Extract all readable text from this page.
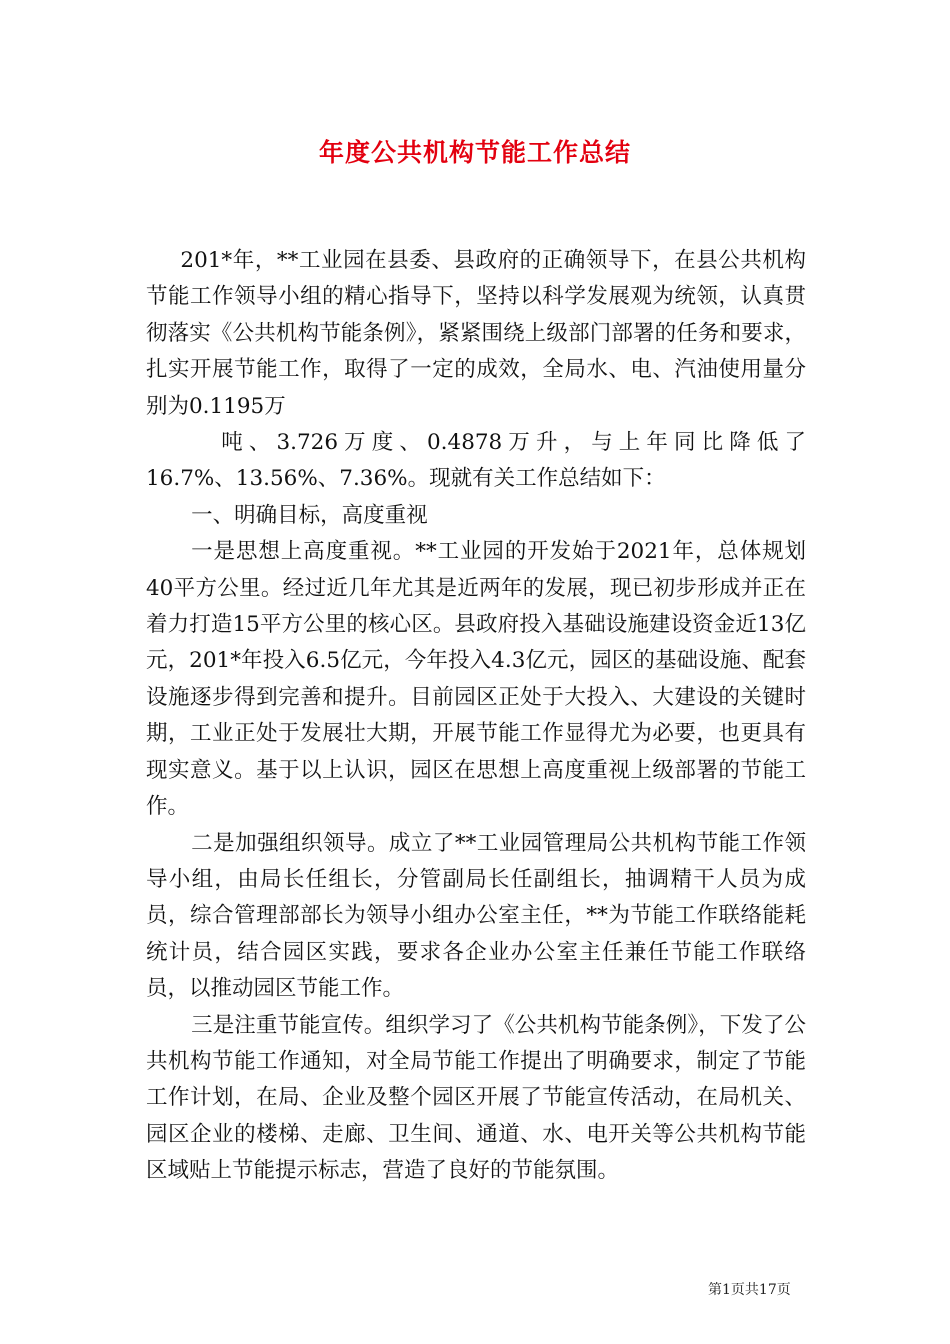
年度公共机构节能工作总结

201*年，**工业园在县委、县政府的正确领导下，在县公共机构节能工作领导小组的精心指导下，坚持以科学发展观为统领，认真贯彻落实《公共机构节能条例》，紧紧围绕上级部门部署的任务和要求，扎实开展节能工作，取得了一定的成效，全局水、电、汽油使用量分别为0.1195万

吨、3.726万度、0.4878万升，与上年同比降低了

16.7%、13.56%、7.36%。现就有关工作总结如下：

一、明确目标，高度重视

一是思想上高度重视。**工业园的开发始于2021年，总体规划40平方公里。经过近几年尤其是近两年的发展，现已初步形成并正在着力打造15平方公里的核心区。县政府投入基础设施建设资金近13亿元，201*年投入6.5亿元，今年投入4.3亿元，园区的基础设施、配套设施逐步得到完善和提升。目前园区正处于大投入、大建设的关键时期，工业正处于发展壮大期，开展节能工作显得尤为必要，也更具有现实意义。基于以上认识，园区在思想上高度重视上级部署的节能工作。

二是加强组织领导。成立了**工业园管理局公共机构节能工作领导小组，由局长任组长，分管副局长任副组长，抽调精干人员为成员，综合管理部部长为领导小组办公室主任，**为节能工作联络能耗统计员，结合园区实践，要求各企业办公室主任兼任节能工作联络员，以推动园区节能工作。

三是注重节能宣传。组织学习了《公共机构节能条例》，下发了公共机构节能工作通知，对全局节能工作提出了明确要求，制定了节能工作计划，在局、企业及整个园区开展了节能宣传活动，在局机关、园区企业的楼梯、走廊、卫生间、通道、水、电开关等公共机构节能区域贴上节能提示标志，营造了良好的节能氛围。

第1页共17页
